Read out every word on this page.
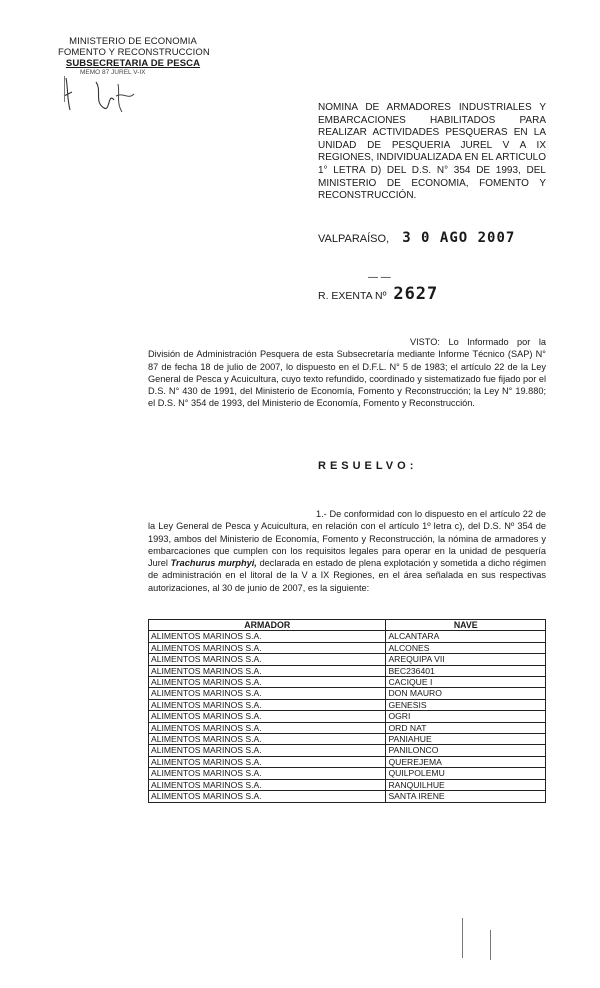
MINISTERIO DE ECONOMIA
FOMENTO Y RECONSTRUCCION
SUBSECRETARIA DE PESCA
MEMO 87 JUREL V-IX
NOMINA DE ARMADORES INDUSTRIALES Y EMBARCACIONES HABILITADOS PARA REALIZAR ACTIVIDADES PESQUERAS EN LA UNIDAD DE PESQUERIA JUREL V A IX REGIONES, INDIVIDUALIZADA EN EL ARTICULO 1° LETRA D) DEL D.S. N° 354 DE 1993, DEL MINISTERIO DE ECONOMIA, FOMENTO Y RECONSTRUCCIÓN.
VALPARAÍSO, 3 0 AGO 2007
— —
R. EXENTA Nº 2627
VISTO: Lo Informado por la División de Administración Pesquera de esta Subsecretaría mediante Informe Técnico (SAP) N° 87 de fecha 18 de julio de 2007, lo dispuesto en el D.F.L. N° 5 de 1983; el artículo 22 de la Ley General de Pesca y Acuicultura, cuyo texto refundido, coordinado y sistematizado fue fijado por el D.S. N° 430 de 1991, del Ministerio de Economía, Fomento y Reconstrucción; la Ley N° 19.880; el D.S. N° 354 de 1993, del Ministerio de Economía, Fomento y Reconstrucción.
RESUELVO:
1.- De conformidad con lo dispuesto en el artículo 22 de la Ley General de Pesca y Acuicultura, en relación con el artículo 1º letra c), del D.S. Nº 354 de 1993, ambos del Ministerio de Economía, Fomento y Reconstrucción, la nómina de armadores y embarcaciones que cumplen con los requisitos legales para operar en la unidad de pesquería Jurel Trachurus murphyi, declarada en estado de plena explotación y sometida a dicho régimen de administración en el litoral de la V a IX Regiones, en el área señalada en sus respectivas autorizaciones, al 30 de junio de 2007, es la siguiente:
ARMADOR	NAVE
ALIMENTOS MARINOS S.A.	ALCANTARA
ALIMENTOS MARINOS S.A.	ALCONES
ALIMENTOS MARINOS S.A.	AREQUIPA VII
ALIMENTOS MARINOS S.A.	BEC236401
ALIMENTOS MARINOS S.A.	CACIQUE I
ALIMENTOS MARINOS S.A.	DON MAURO
ALIMENTOS MARINOS S.A.	GENESIS
ALIMENTOS MARINOS S.A.	OGRI
ALIMENTOS MARINOS S.A.	ORD NAT
ALIMENTOS MARINOS S.A.	PANIAHUE
ALIMENTOS MARINOS S.A.	PANILONCO
ALIMENTOS MARINOS S.A.	QUEREJEMA
ALIMENTOS MARINOS S.A.	QUILPOLEMU
ALIMENTOS MARINOS S.A.	RANQUILHUE
ALIMENTOS MARINOS S.A.	SANTA IRENE
